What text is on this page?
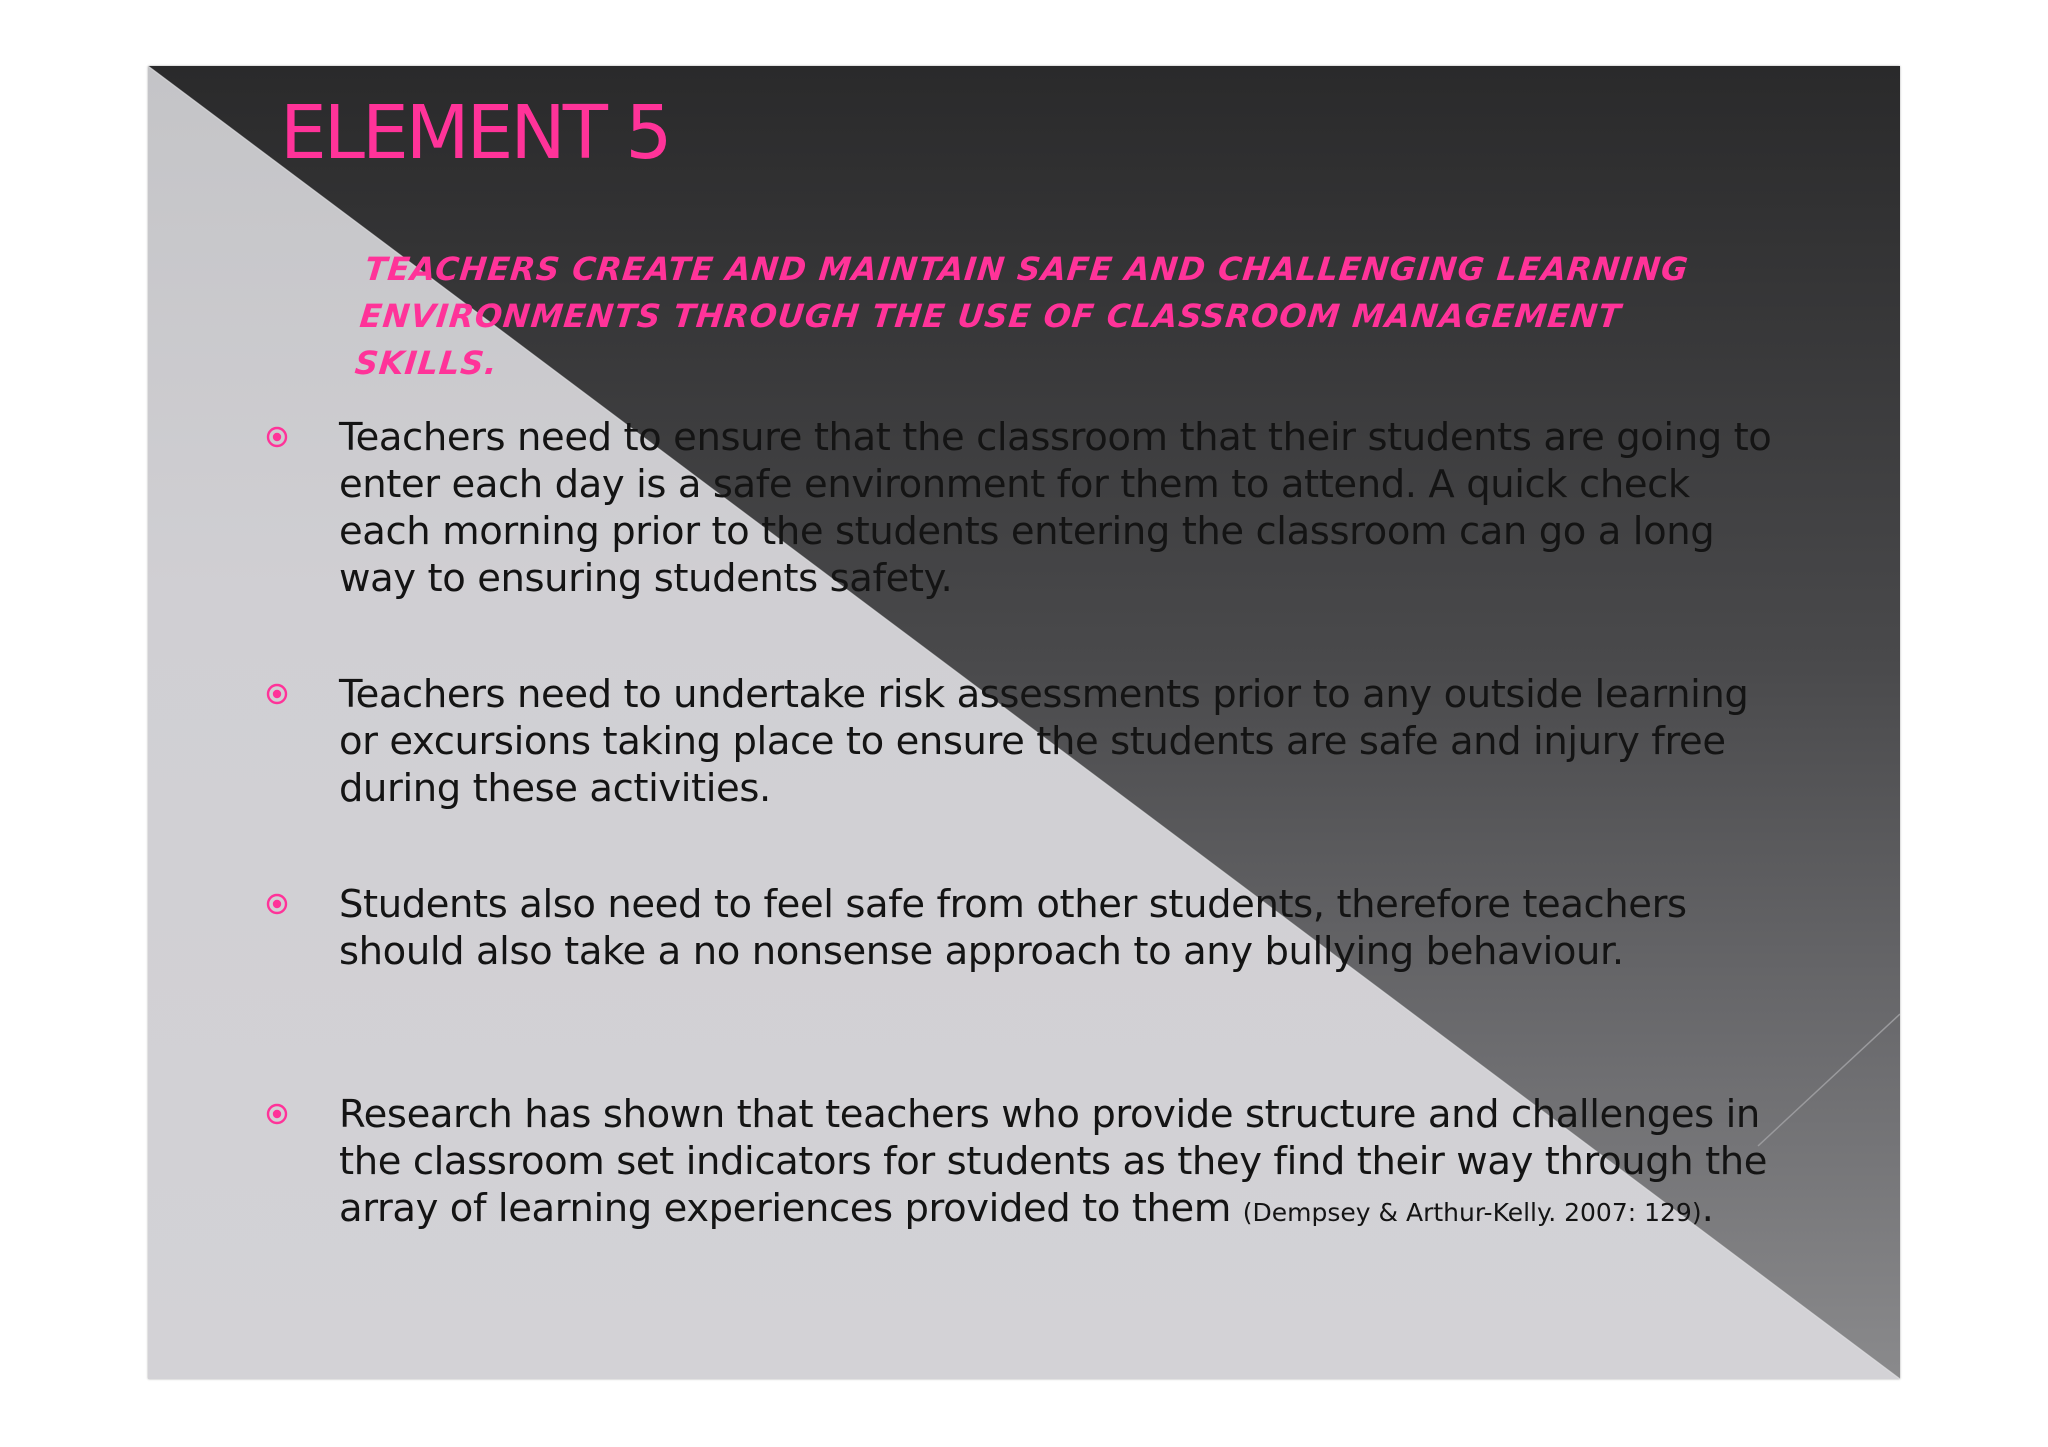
ELEMENT 5

TEACHERS CREATE AND MAINTAIN SAFE AND CHALLENGING LEARNING ENVIRONMENTS THROUGH THE USE OF CLASSROOM MANAGEMENT SKILLS.

Teachers need to ensure that the classroom that their students are going to enter each day is a safe environment for them to attend. A quick check each morning prior to the students entering the classroom can go a long way to ensuring students safety.

Teachers need to undertake risk assessments prior to any outside learning or excursions taking place to ensure the students are safe and injury free during these activities.

Students also need to feel safe from other students, therefore teachers should also take a no nonsense approach to any bullying behaviour.

Research has shown that teachers who provide structure and challenges in the classroom set indicators for students as they find their way through the array of learning experiences provided to them (Dempsey & Arthur-Kelly. 2007: 129).
